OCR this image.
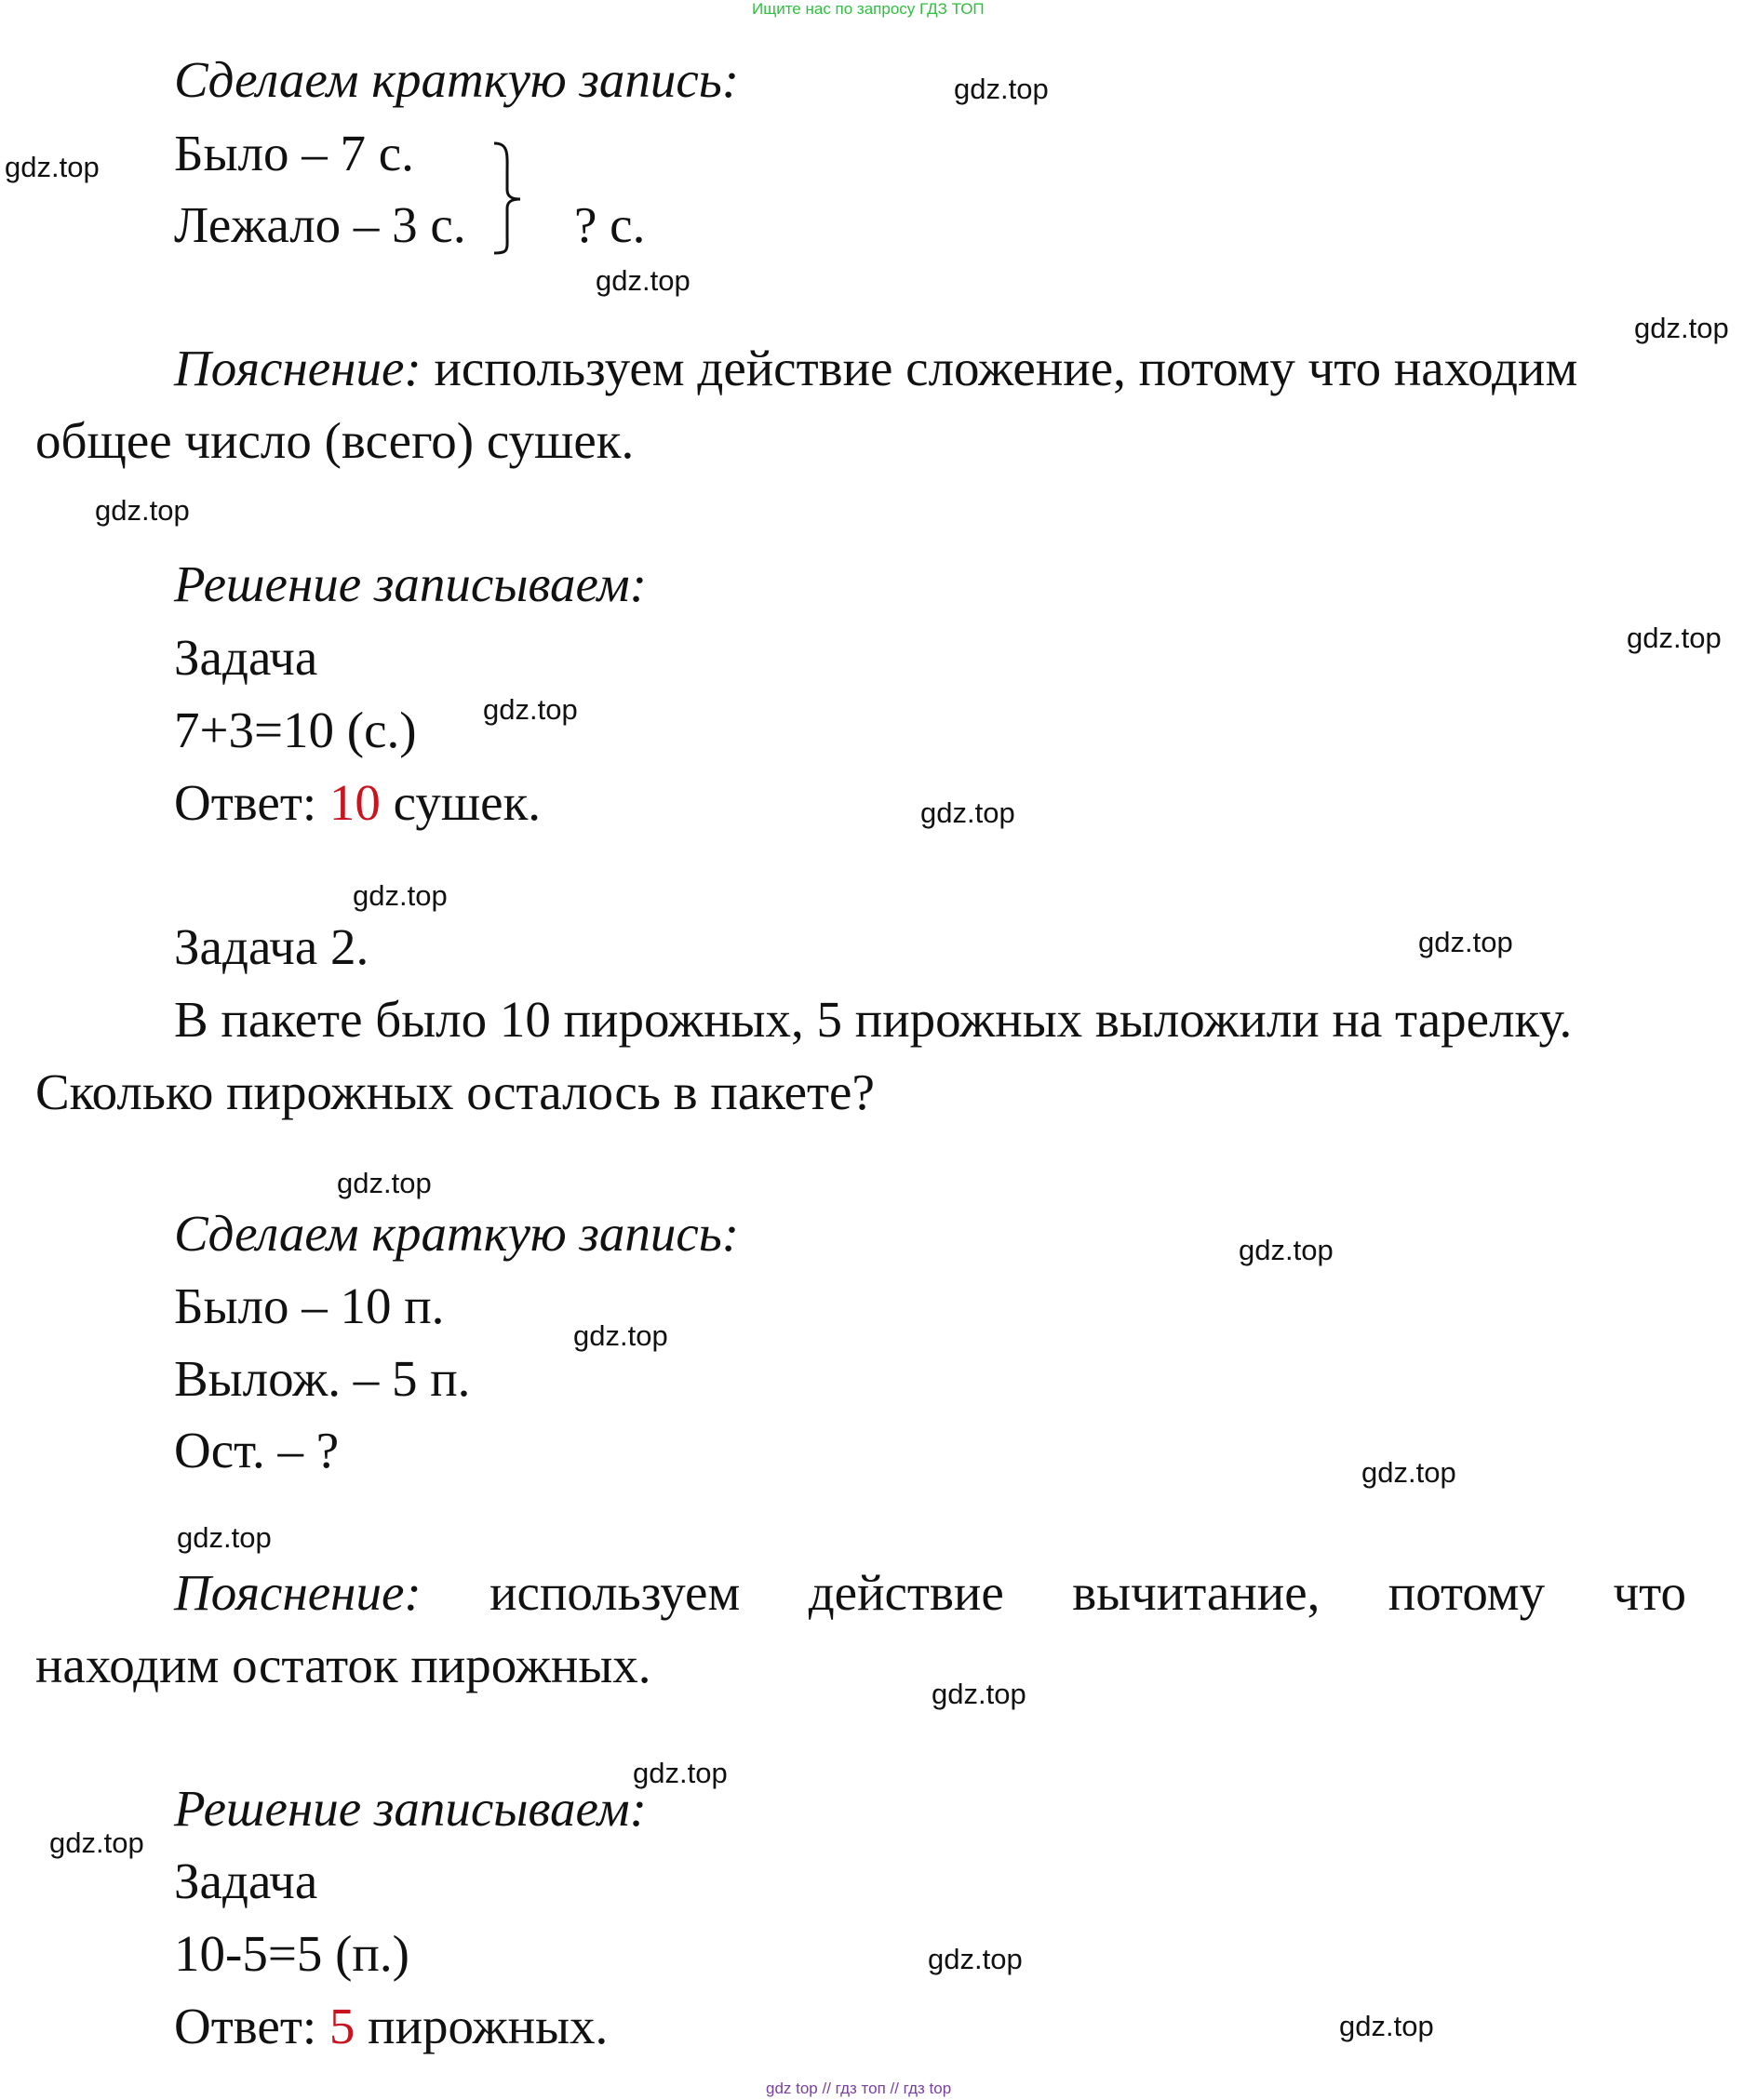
Ищите нас по запросу ГДЗ ТОП
Сделаем краткую запись:
Было – 7 с.
Лежало – 3 с. ? с.
Пояснение: используем действие сложение, потому что находим
общее число (всего) сушек.
Решение записываем:
Задача
7+3=10 (с.)
Ответ: 10 сушек.
Задача 2.
В пакете было 10 пирожных, 5 пирожных выложили на тарелку.
Сколько пирожных осталось в пакете?
Сделаем краткую запись:
Было – 10 п.
Вылож. – 5 п.
Ост. – ?
Пояснение: используем действие вычитание, потому что
находим остаток пирожных.
Решение записываем:
Задача
10-5=5 (п.)
Ответ: 5 пирожных.
gdz.top
gdz.top
gdz.top
gdz.top
gdz.top
gdz.top
gdz.top
gdz.top
gdz.top
gdz.top
gdz.top
gdz.top
gdz.top
gdz.top
gdz.top
gdz.top
gdz.top
gdz.top
gdz.top
gdz.top
gdz top // гдз топ // гдз top
